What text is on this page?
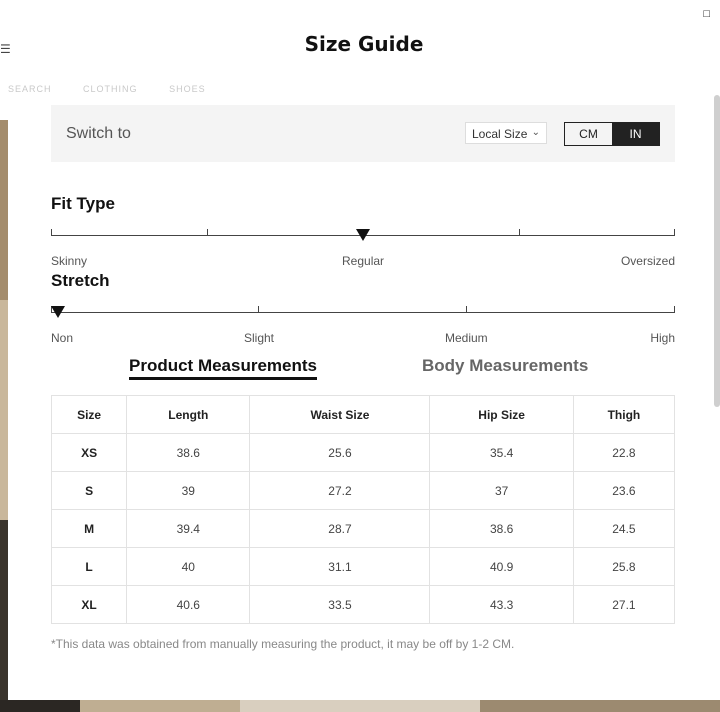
☰
SEARCH	CLOTHING	SHOES
□
Size Guide
Switch to	Local Size ⌄	CM	IN
Fit Type
Skinny	Regular	Oversized
Stretch
Non	Slight	Medium	High
Product Measurements	Body Measurements
Size	Length	Waist Size	Hip Size	Thigh
XS	38.6	25.6	35.4	22.8
S	39	27.2	37	23.6
M	39.4	28.7	38.6	24.5
L	40	31.1	40.9	25.8
XL	40.6	33.5	43.3	27.1
*This data was obtained from manually measuring the product, it may be off by 1-2 CM.
